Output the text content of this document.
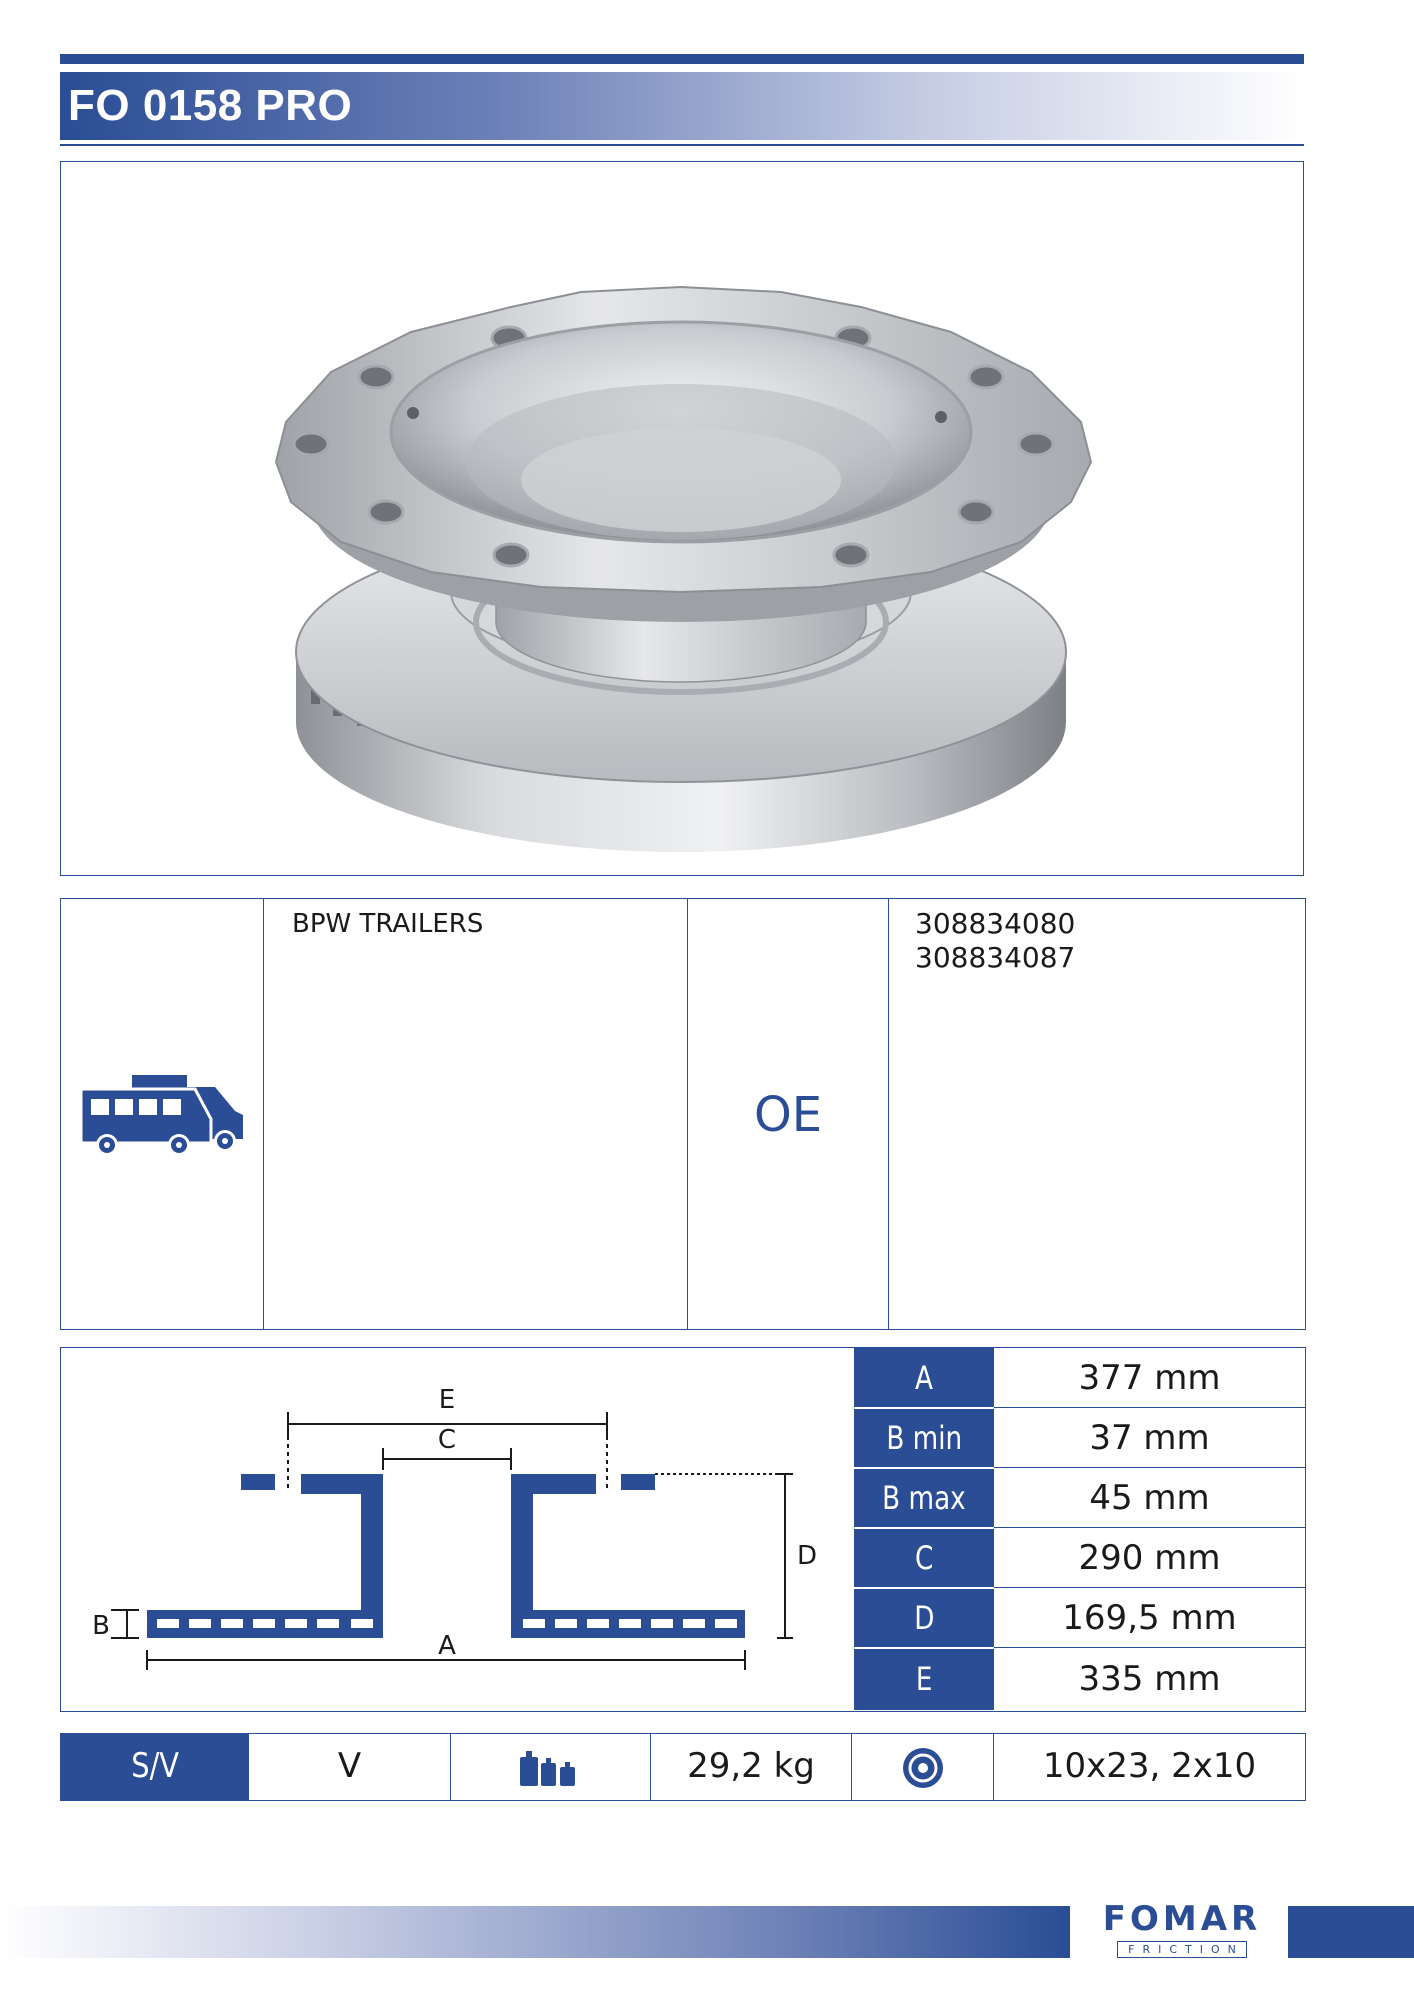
FO 0158 PRO
BPW TRAILERS
OE
308834080
308834087
E
C
D
A
B
A	377 mm
B min	37 mm
B max	45 mm
C	290 mm
D	169,5 mm
E	335 mm
S/V	V	29,2 kg	10x23, 2x10
FOMAR
FRICTION
